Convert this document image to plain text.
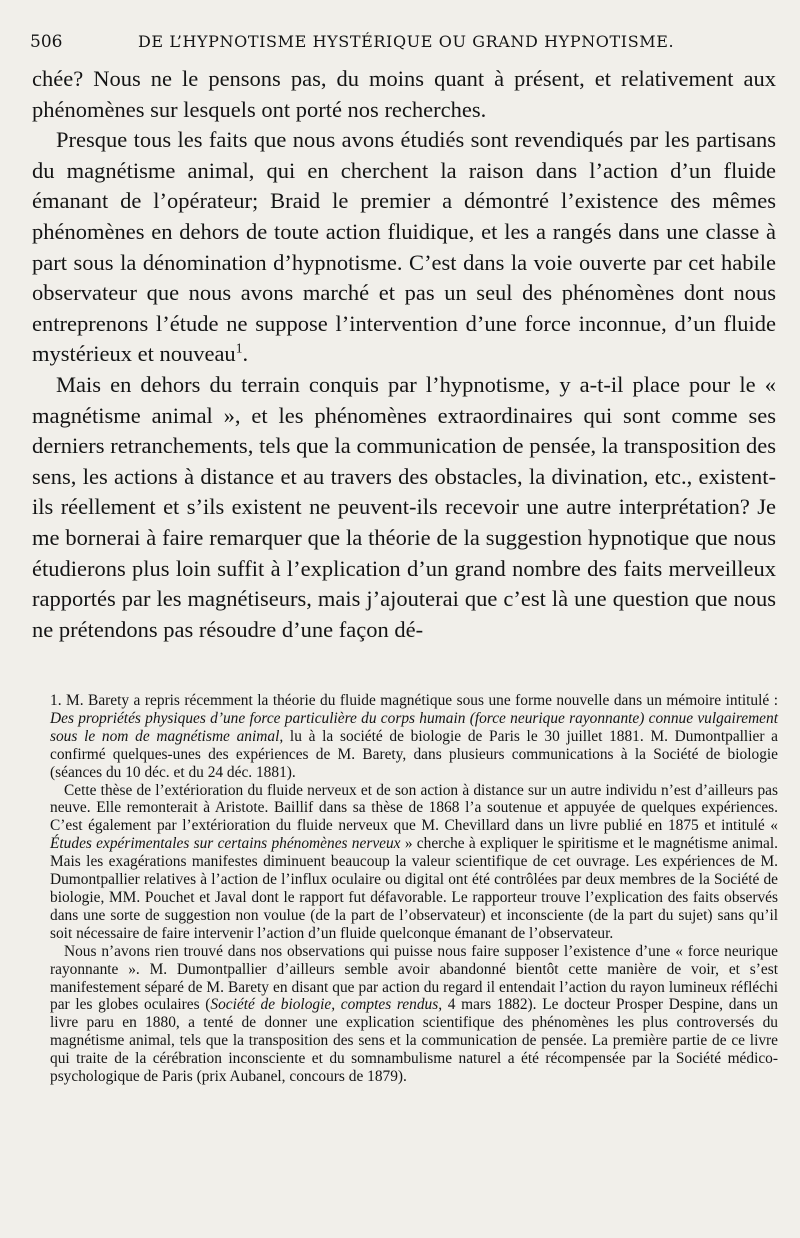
506	DE L’HYPNOTISME HYSTÉRIQUE OU GRAND HYPNOTISME.

chée? Nous ne le pensons pas, du moins quant à présent, et relativement aux phénomènes sur lesquels ont porté nos recherches.

Presque tous les faits que nous avons étudiés sont revendiqués par les partisans du magnétisme animal, qui en cherchent la raison dans l’action d’un fluide émanant de l’opérateur; Braid le premier a démontré l’existence des mêmes phénomènes en dehors de toute action fluidique, et les a rangés dans une classe à part sous la dénomination d’hypnotisme. C’est dans la voie ouverte par cet habile observateur que nous avons marché et pas un seul des phénomènes dont nous entreprenons l’étude ne suppose l’intervention d’une force inconnue, d’un fluide mystérieux et nouveau$^1$.

Mais en dehors du terrain conquis par l’hypnotisme, y a-t-il place pour le « magnétisme animal », et les phénomènes extraordinaires qui sont comme ses derniers retranchements, tels que la communication de pensée, la transposition des sens, les actions à distance et au travers des obstacles, la divination, etc., existent-ils réellement et s’ils existent ne peuvent-ils recevoir une autre interprétation? Je me bornerai à faire remarquer que la théorie de la suggestion hypnotique que nous étudierons plus loin suffit à l’explication d’un grand nombre des faits merveilleux rapportés par les magnétiseurs, mais j’ajouterai que c’est là une question que nous ne prétendons pas résoudre d’une façon dé-

1. M. Barety a repris récemment la théorie du fluide magnétique sous une forme nouvelle dans un mémoire intitulé : Des propriétés physiques d’une force particulière du corps humain (force neurique rayonnante) connue vulgairement sous le nom de magnétisme animal, lu à la société de biologie de Paris le 30 juillet 1881. M. Dumontpallier a confirmé quelques-unes des expériences de M. Barety, dans plusieurs communications à la Société de biologie (séances du 10 déc. et du 24 déc. 1881).

Cette thèse de l’extérioration du fluide nerveux et de son action à distance sur un autre individu n’est d’ailleurs pas neuve. Elle remonterait à Aristote. Baillif dans sa thèse de 1868 l’a soutenue et appuyée de quelques expériences. C’est également par l’extérioration du fluide nerveux que M. Chevillard dans un livre publié en 1875 et intitulé « Études expérimentales sur certains phénomènes nerveux » cherche à expliquer le spiritisme et le magnétisme animal. Mais les exagérations manifestes diminuent beaucoup la valeur scientifique de cet ouvrage. Les expériences de M. Dumontpallier relatives à l’action de l’influx oculaire ou digital ont été contrôlées par deux membres de la Société de biologie, MM. Pouchet et Javal dont le rapport fut défavorable. Le rapporteur trouve l’explication des faits observés dans une sorte de suggestion non voulue (de la part de l’observateur) et inconsciente (de la part du sujet) sans qu’il soit nécessaire de faire intervenir l’action d’un fluide quelconque émanant de l’observateur.

Nous n’avons rien trouvé dans nos observations qui puisse nous faire supposer l’existence d’une « force neurique rayonnante ». M. Dumontpallier d’ailleurs semble avoir abandonné bientôt cette manière de voir, et s’est manifestement séparé de M. Barety en disant que par action du regard il entendait l’action du rayon lumineux réfléchi par les globes oculaires (Société de biologie, comptes rendus, 4 mars 1882). Le docteur Prosper Despine, dans un livre paru en 1880, a tenté de donner une explication scientifique des phénomènes les plus controversés du magnétisme animal, tels que la transposition des sens et la communication de pensée. La première partie de ce livre qui traite de la cérébration inconsciente et du somnambulisme naturel a été récompensée par la Société médico-psychologique de Paris (prix Aubanel, concours de 1879).
